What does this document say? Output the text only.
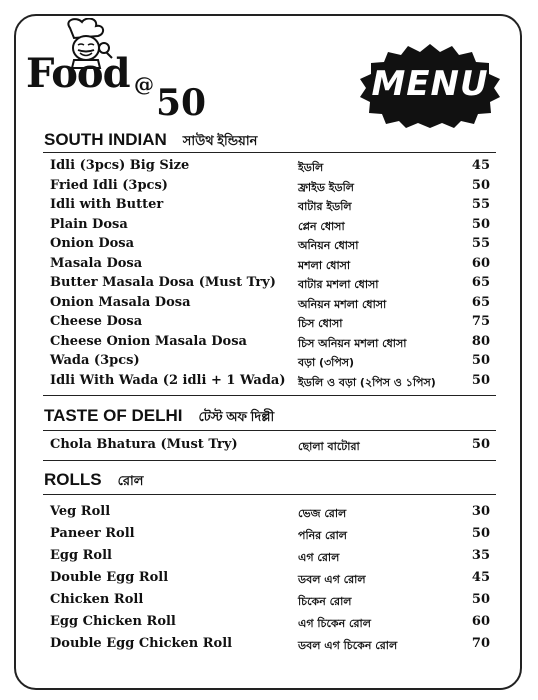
Food @ 50	MENU
SOUTH INDIAN সাউথ ইন্ডিয়ান
Idli (3pcs) Big Size	ইডলি	45
Fried Idli (3pcs)	ফ্রাইড ইডলি	50
Idli with Butter	বাটার ইডলি	55
Plain Dosa	প্লেন ধোসা	50
Onion Dosa	অনিয়ন ধোসা	55
Masala Dosa	মশলা ধোসা	60
Butter Masala Dosa (Must Try) বাটার মশলা ধোসা	65
Onion Masala Dosa	অনিয়ন মশলা ধোসা	65
Cheese Dosa	চিস ধোসা	75
Cheese Onion Masala Dosa	চিস অনিয়ন মশলা ধোসা	80
Wada (3pcs)	বড়া (৩পিস)	50
Idli With Wada (2 idli + 1 Wada) ইডলি ও বড়া (২পিস ও ১পিস)	50
TASTE OF DELHI টেস্ট অফ দিল্লী
Chola Bhatura (Must Try)	ছোলা বাটোরা	50
ROLLS রোল
Veg Roll	ভেজ রোল	30
Paneer Roll	পনির রোল	50
Egg Roll	এগ রোল	35
Double Egg Roll	ডবল এগ রোল	45
Chicken Roll	চিকেন রোল	50
Egg Chicken Roll	এগ চিকেন রোল	60
Double Egg Chicken Roll	ডবল এগ চিকেন রোল	70
